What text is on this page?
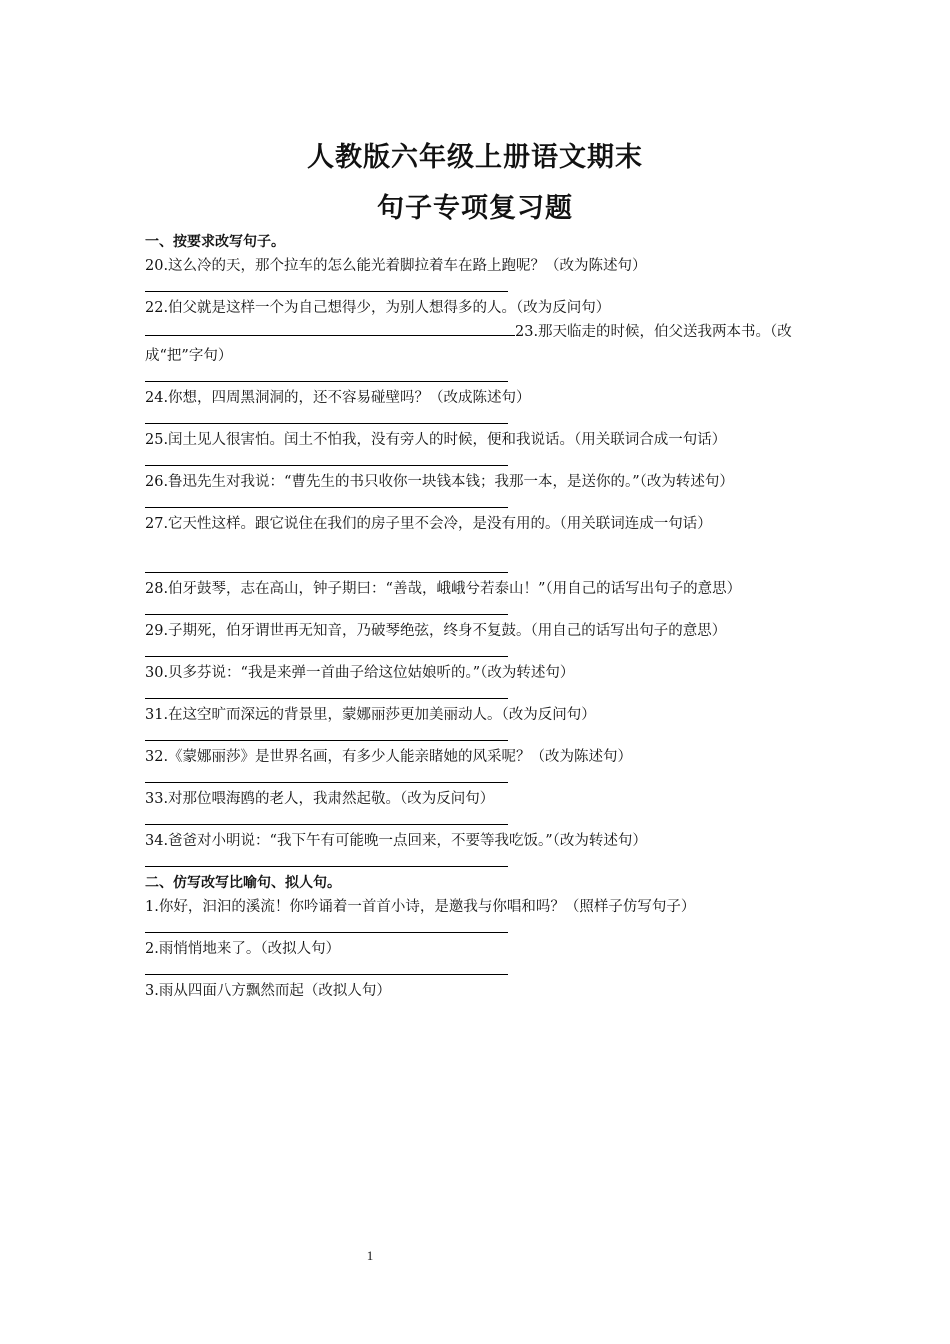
人教版六年级上册语文期末
句子专项复习题
一、按要求改写句子。

20.这么冷的天，那个拉车的怎么能光着脚拉着车在路上跑呢？（改为陈述句）

22.伯父就是这样一个为自己想得少，为别人想得多的人。（改为反问句）

23.那天临走的时候，伯父送我两本书。（改成“把”字句）

24.你想，四周黑洞洞的，还不容易碰壁吗？（改成陈述句）

25.闰土见人很害怕。闰土不怕我，没有旁人的时候，便和我说话。（用关联词合成一句话）

26.鲁迅先生对我说：“曹先生的书只收你一块钱本钱；我那一本，是送你的。”（改为转述句）

27.它天性这样。跟它说住在我们的房子里不会冷，是没有用的。（用关联词连成一句话）

28.伯牙鼓琴，志在高山，钟子期曰：“善哉，峨峨兮若泰山！”（用自己的话写出句子的意思）

29.子期死，伯牙谓世再无知音，乃破琴绝弦，终身不复鼓。（用自己的话写出句子的意思）

30.贝多芬说：“我是来弹一首曲子给这位姑娘听的。”（改为转述句）

31.在这空旷而深远的背景里，蒙娜丽莎更加美丽动人。（改为反问句）

32.《蒙娜丽莎》是世界名画，有多少人能亲睹她的风采呢？（改为陈述句）

33.对那位喂海鸥的老人，我肃然起敬。（改为反问句）

34.爸爸对小明说：“我下午有可能晚一点回来，不要等我吃饭。”（改为转述句）

二、仿写改写比喻句、拟人句。

1.你好，汩汩的溪流！你吟诵着一首首小诗，是邀我与你唱和吗？（照样子仿写句子）

2.雨悄悄地来了。（改拟人句）

3.雨从四面八方飘然而起（改拟人句）

1
